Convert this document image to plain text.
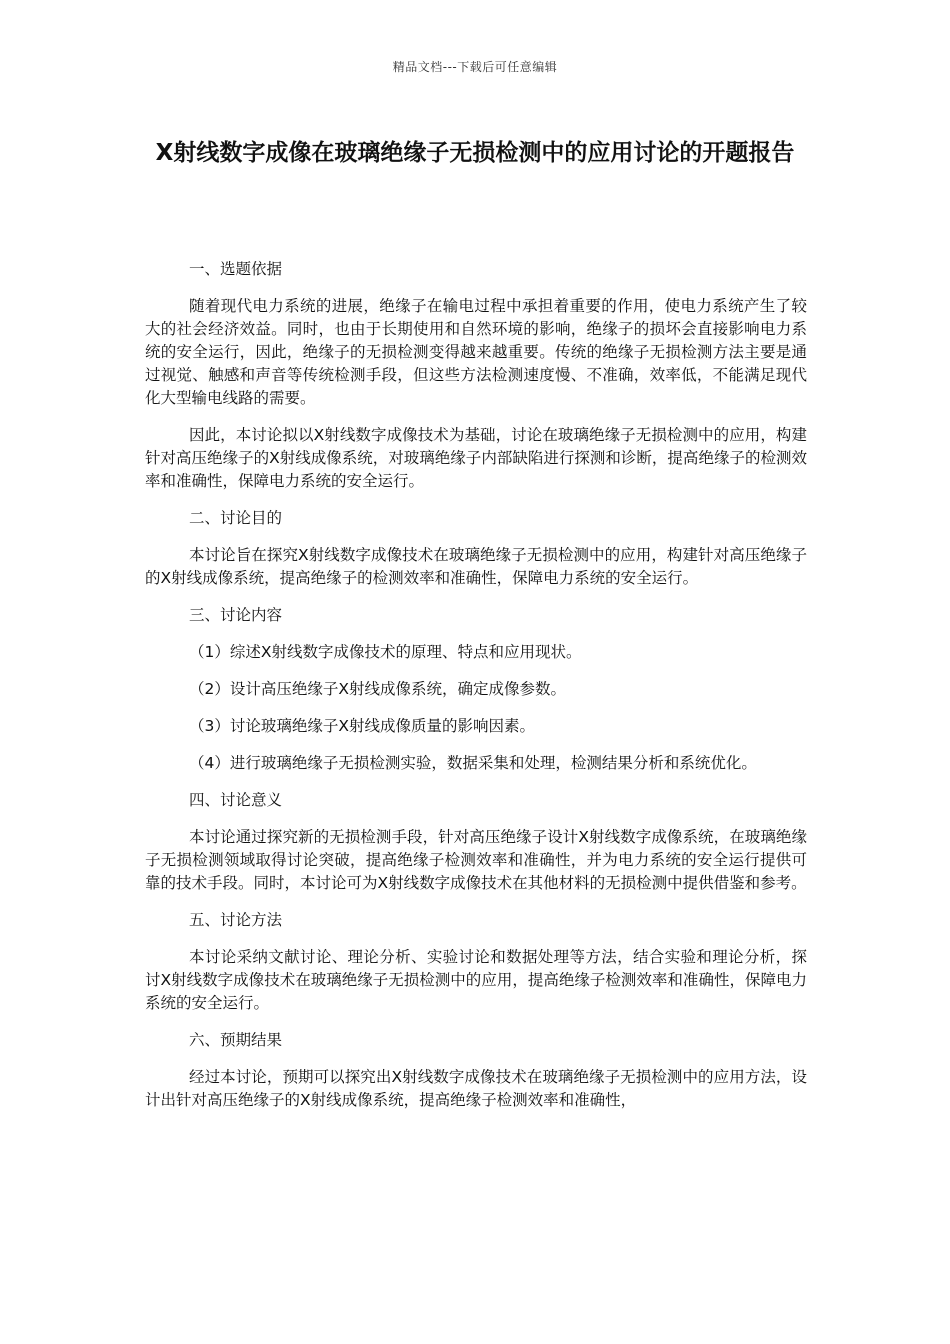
精品文档---下载后可任意编辑
X射线数字成像在玻璃绝缘子无损检测中的应用讨论的开题报告

一、选题依据

随着现代电力系统的进展，绝缘子在输电过程中承担着重要的作用，使电力系统产生了较大的社会经济效益。同时，也由于长期使用和自然环境的影响，绝缘子的损坏会直接影响电力系统的安全运行，因此，绝缘子的无损检测变得越来越重要。传统的绝缘子无损检测方法主要是通过视觉、触感和声音等传统检测手段，但这些方法检测速度慢、不准确，效率低，不能满足现代化大型输电线路的需要。

因此，本讨论拟以X射线数字成像技术为基础，讨论在玻璃绝缘子无损检测中的应用，构建针对高压绝缘子的X射线成像系统，对玻璃绝缘子内部缺陷进行探测和诊断，提高绝缘子的检测效率和准确性，保障电力系统的安全运行。

二、讨论目的

本讨论旨在探究X射线数字成像技术在玻璃绝缘子无损检测中的应用，构建针对高压绝缘子的X射线成像系统，提高绝缘子的检测效率和准确性，保障电力系统的安全运行。

三、讨论内容

（1）综述X射线数字成像技术的原理、特点和应用现状。

（2）设计高压绝缘子X射线成像系统，确定成像参数。

（3）讨论玻璃绝缘子X射线成像质量的影响因素。

（4）进行玻璃绝缘子无损检测实验，数据采集和处理，检测结果分析和系统优化。

四、讨论意义

本讨论通过探究新的无损检测手段，针对高压绝缘子设计X射线数字成像系统，在玻璃绝缘子无损检测领域取得讨论突破，提高绝缘子检测效率和准确性，并为电力系统的安全运行提供可靠的技术手段。同时，本讨论可为X射线数字成像技术在其他材料的无损检测中提供借鉴和参考。

五、讨论方法

本讨论采纳文献讨论、理论分析、实验讨论和数据处理等方法，结合实验和理论分析，探讨X射线数字成像技术在玻璃绝缘子无损检测中的应用，提高绝缘子检测效率和准确性，保障电力系统的安全运行。

六、预期结果

经过本讨论，预期可以探究出X射线数字成像技术在玻璃绝缘子无损检测中的应用方法，设计出针对高压绝缘子的X射线成像系统，提高绝缘子检测效率和准确性，
